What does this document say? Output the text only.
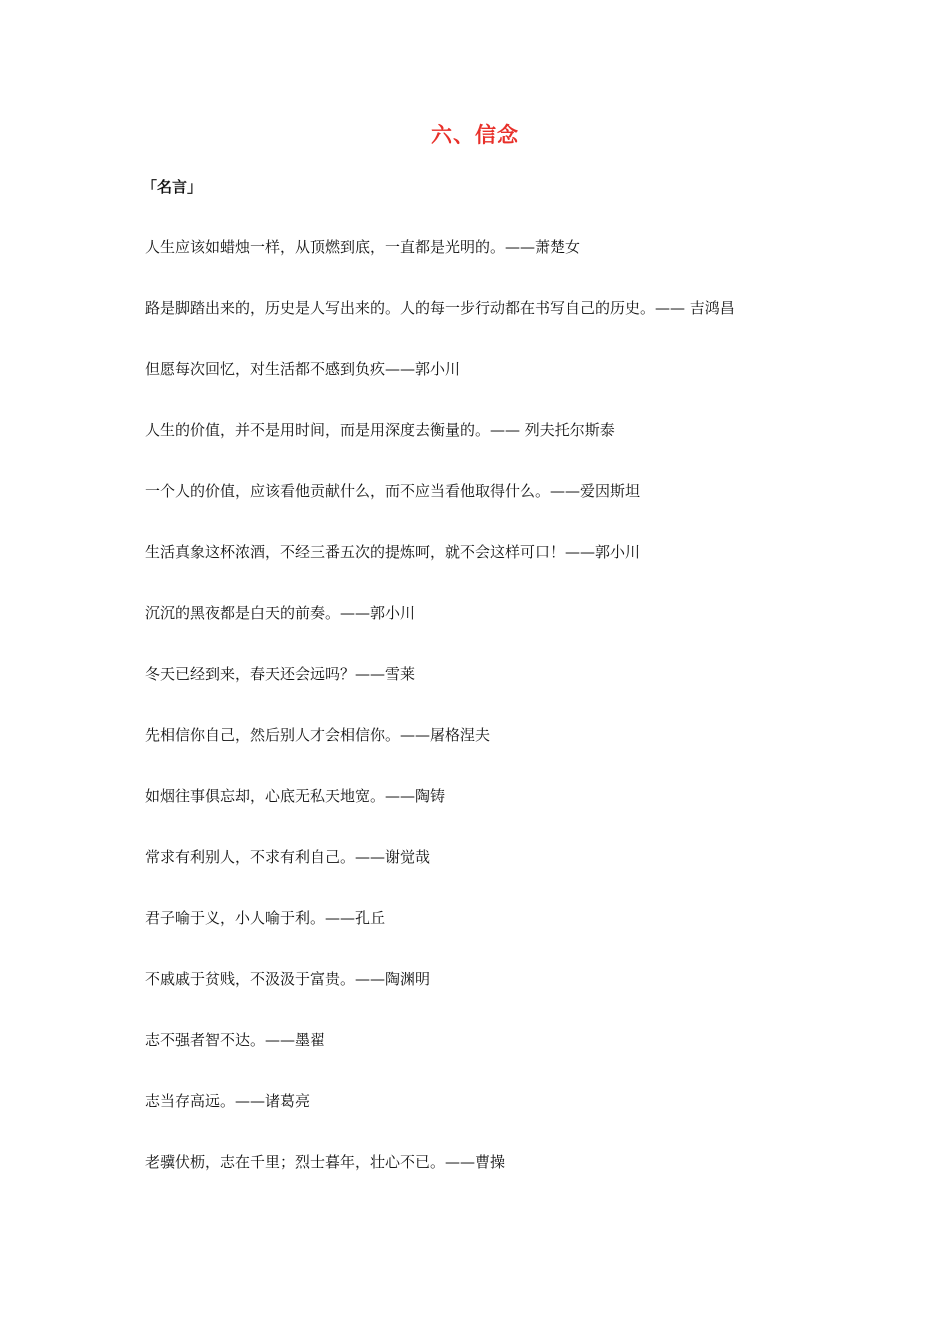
六、信念

「名言」

人生应该如蜡烛一样，从顶燃到底，一直都是光明的。——萧楚女
路是脚踏出来的，历史是人写出来的。人的每一步行动都在书写自己的历史。—— 吉鸿昌
但愿每次回忆，对生活都不感到负疚——郭小川
人生的价值，并不是用时间，而是用深度去衡量的。—— 列夫托尔斯泰
一个人的价值，应该看他贡献什么，而不应当看他取得什么。——爱因斯坦
生活真象这杯浓酒，不经三番五次的提炼呵，就不会这样可口！——郭小川
沉沉的黑夜都是白天的前奏。——郭小川
冬天已经到来，春天还会远吗？——雪莱
先相信你自己，然后别人才会相信你。——屠格涅夫
如烟往事俱忘却，心底无私天地宽。——陶铸
常求有利别人，不求有利自己。——谢觉哉
君子喻于义，小人喻于利。——孔丘
不戚戚于贫贱，不汲汲于富贵。——陶渊明
志不强者智不达。——墨翟
志当存高远。——诸葛亮
老骥伏枥，志在千里；烈士暮年，壮心不已。——曹操
